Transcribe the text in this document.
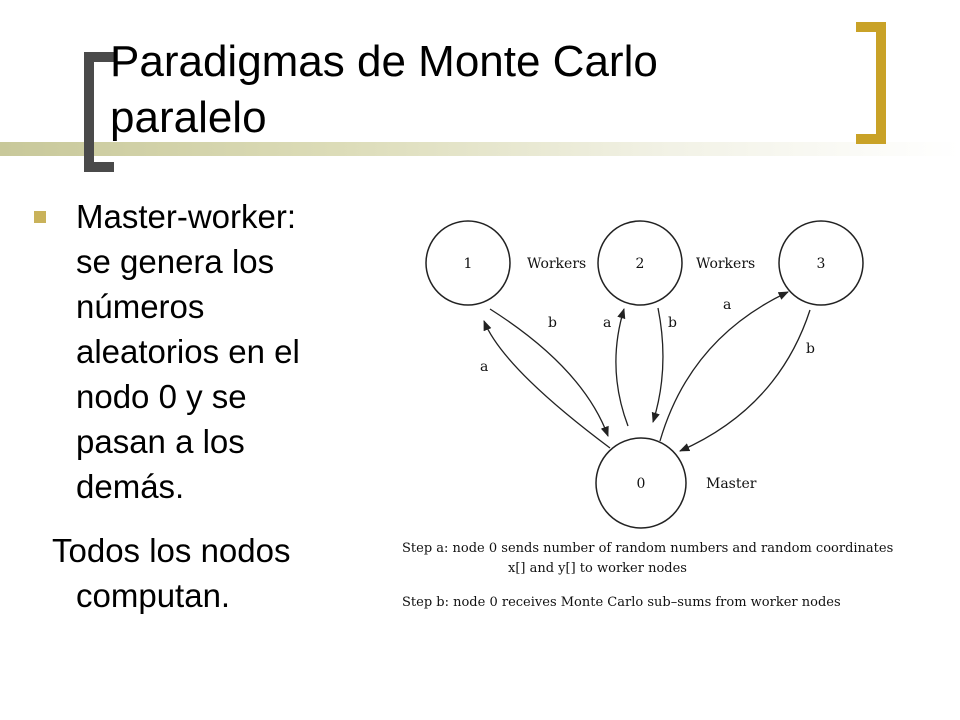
Paradigmas de Monte Carlo
paralelo
Master-worker:
se genera los
números
aleatorios en el
nodo 0 y se
pasan a los
demás.
Todos los nodos
computan.
1	2	3
0
Workers	Workers
Master
a
b	a	b
a
b
Step a: node 0 sends number of random numbers and random coordinates
x[] and y[] to worker nodes
Step b: node 0 receives Monte Carlo sub–sums from worker nodes
